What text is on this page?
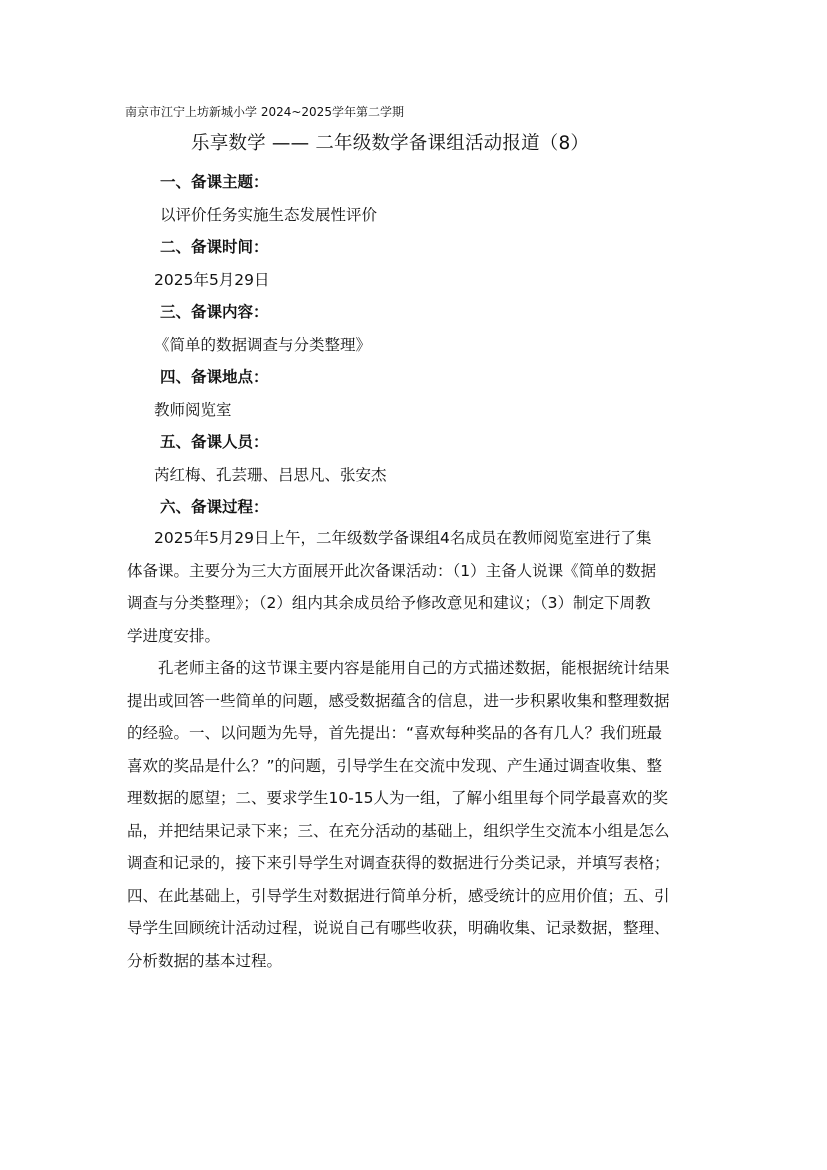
南京市江宁上坊新城小学 2024~2025学年第二学期
乐享数学 —— 二年级数学备课组活动报道（8）
一、备课主题：
以评价任务实施生态发展性评价
二、备课时间：
2025年5月29日
三、备课内容：
《简单的数据调查与分类整理》
四、备课地点：
教师阅览室
五、备课人员：
芮红梅、孔芸珊、吕思凡、张安杰
六、备课过程：
2025年5月29日上午，二年级数学备课组4名成员在教师阅览室进行了集
体备课。主要分为三大方面展开此次备课活动：（1）主备人说课《简单的数据
调查与分类整理》；（2）组内其余成员给予修改意见和建议；（3）制定下周教
学进度安排。
孔老师主备的这节课主要内容是能用自己的方式描述数据，能根据统计结果
提出或回答一些简单的问题，感受数据蕴含的信息，进一步积累收集和整理数据
的经验。一、以问题为先导，首先提出：“喜欢每种奖品的各有几人？我们班最
喜欢的奖品是什么？”的问题，引导学生在交流中发现、产生通过调查收集、整
理数据的愿望；二、要求学生10-15人为一组，了解小组里每个同学最喜欢的奖
品，并把结果记录下来；三、在充分活动的基础上，组织学生交流本小组是怎么
调查和记录的，接下来引导学生对调查获得的数据进行分类记录，并填写表格；
四、在此基础上，引导学生对数据进行简单分析，感受统计的应用价值；五、引
导学生回顾统计活动过程，说说自己有哪些收获，明确收集、记录数据，整理、
分析数据的基本过程。
